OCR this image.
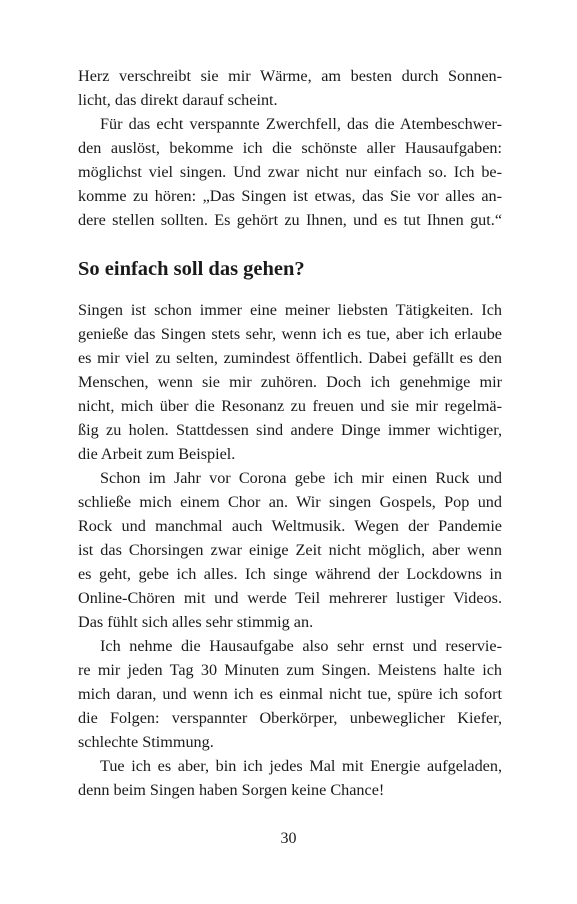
Herz verschreibt sie mir Wärme, am besten durch Sonnen-
licht, das direkt darauf scheint.
Für das echt verspannte Zwerchfell, das die Atembeschwer-
den auslöst, bekomme ich die schönste aller Hausaufgaben:
möglichst viel singen. Und zwar nicht nur einfach so. Ich be-
komme zu hören: „Das Singen ist etwas, das Sie vor alles an-
dere stellen sollten. Es gehört zu Ihnen, und es tut Ihnen gut.“
So einfach soll das gehen?
Singen ist schon immer eine meiner liebsten Tätigkeiten. Ich
genieße das Singen stets sehr, wenn ich es tue, aber ich erlaube
es mir viel zu selten, zumindest öffentlich. Dabei gefällt es den
Menschen, wenn sie mir zuhören. Doch ich genehmige mir
nicht, mich über die Resonanz zu freuen und sie mir regelmä-
ßig zu holen. Stattdessen sind andere Dinge immer wichtiger,
die Arbeit zum Beispiel.
Schon im Jahr vor Corona gebe ich mir einen Ruck und
schließe mich einem Chor an. Wir singen Gospels, Pop und
Rock und manchmal auch Weltmusik. Wegen der Pandemie
ist das Chorsingen zwar einige Zeit nicht möglich, aber wenn
es geht, gebe ich alles. Ich singe während der Lockdowns in
Online-Chören mit und werde Teil mehrerer lustiger Videos.
Das fühlt sich alles sehr stimmig an.
Ich nehme die Hausaufgabe also sehr ernst und reservie-
re mir jeden Tag 30 Minuten zum Singen. Meistens halte ich
mich daran, und wenn ich es einmal nicht tue, spüre ich sofort
die Folgen: verspannter Oberkörper, unbeweglicher Kiefer,
schlechte Stimmung.
Tue ich es aber, bin ich jedes Mal mit Energie aufgeladen,
denn beim Singen haben Sorgen keine Chance!
30
